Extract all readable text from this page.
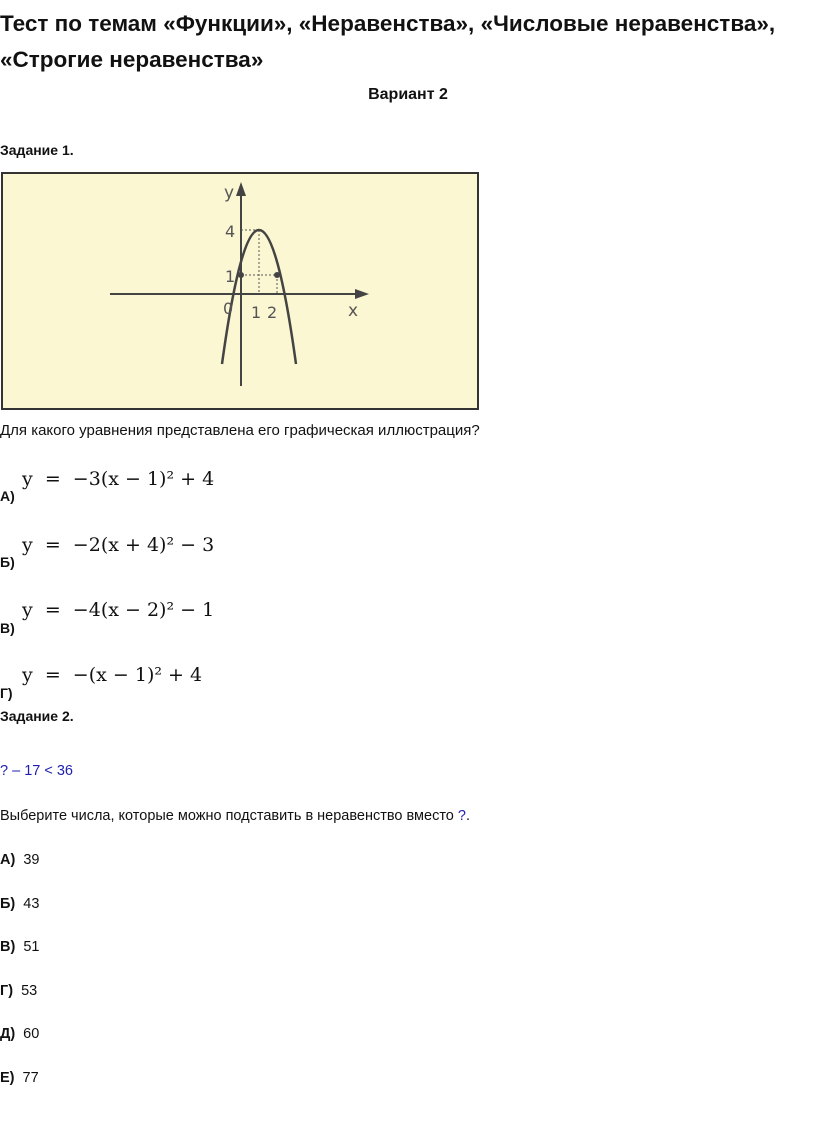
Тест по темам «Функции», «Неравенства», «Числовые неравенства», «Строгие неравенства»
Вариант 2
Задание 1.
y
x
4
1
0 1 2
Для какого уравнения представлена его графическая иллюстрация?
y  =  −3(x − 1)² + 4
А)
y  =  −2(x + 4)² − 3
Б)
y  =  −4(x − 2)² − 1
В)
y  =  −(x − 1)² + 4
Г)
Задание 2.
? – 17 < 36
Выберите числа, которые можно подставить в неравенство вместо ?.
А) 39
Б) 43
В) 51
Г) 53
Д) 60
Е) 77
